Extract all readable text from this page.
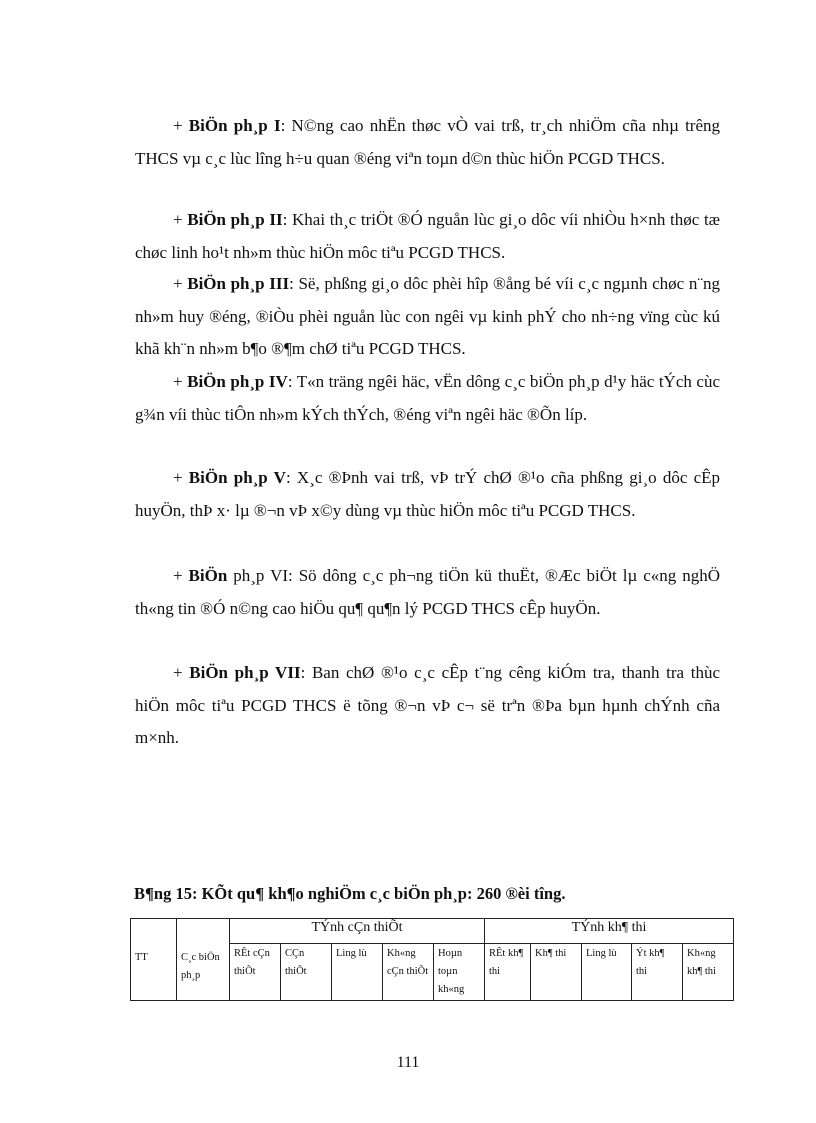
+ BiÖn ph¸p I: N©ng cao nhËn thøc vÒ vai trß, tr¸ch nhiÖm cña nhµ trêng THCS vµ c¸c lùc lîng h÷u quan ®éng viªn toµn d©n thùc hiÖn PCGD THCS.
+ BiÖn ph¸p II: Khai th¸c triÖt ®Ó nguån lùc gi¸o dôc víi nhiÒu h×nh thøc tæ chøc linh ho¹t nh»m thùc hiÖn môc tiªu PCGD THCS.
+ BiÖn ph¸p III: Së, phßng gi¸o dôc phèi hîp ®ång bé víi c¸c ngµnh chøc n¨ng nh»m huy ®éng, ®iÒu phèi nguån lùc con ngêi vµ kinh phÝ cho nh÷ng vïng cùc kú khã kh¨n nh»m b¶o ®¶m chØ tiªu PCGD THCS.
+ BiÖn ph¸p IV: T«n träng ngêi häc, vËn dông c¸c biÖn ph¸p d¹y häc tÝch cùc g¾n víi thùc tiÔn nh»m kÝch thÝch, ®éng viªn ngêi häc ®Õn líp.
+ BiÖn ph¸p V: X¸c ®Þnh vai trß, vÞ trÝ chØ ®¹o cña phßng gi¸o dôc cÊp huyÖn, thÞ x· lµ ®¬n vÞ x©y dùng vµ thùc hiÖn môc tiªu PCGD THCS.
+ BiÖn ph¸p VI: Sö dông c¸c ph¬ng tiÖn kü thuËt, ®Æc biÖt lµ c«ng nghÖ th«ng tin ®Ó n©ng cao hiÖu qu¶ qu¶n lý PCGD THCS cÊp huyÖn.
+ BiÖn ph¸p VII: Ban chØ ®¹o c¸c cÊp t¨ng cêng kiÓm tra, thanh tra thùc hiÖn môc tiªu PCGD THCS ë tõng ®¬n vÞ c¬ së trªn ®Þa bµn hµnh chÝnh cña m×nh.
B¶ng 15: KÕt qu¶ kh¶o nghiÖm c¸c biÖn ph¸p: 260 ®èi tîng.
TT	C¸c biÖn ph¸p	TÝnh cÇn thiÕt					TÝnh kh¶ thi				
		RÊt cÇn thiÕt	CÇn thiÕt	Lìng lù	Kh«ng cÇn thiÕt	Hoµn toµn kh«ng	RÊt kh¶ thi	Kh¶ thi	Lìng lù	Ýt kh¶ thi	Kh«ng kh¶ thi
111
